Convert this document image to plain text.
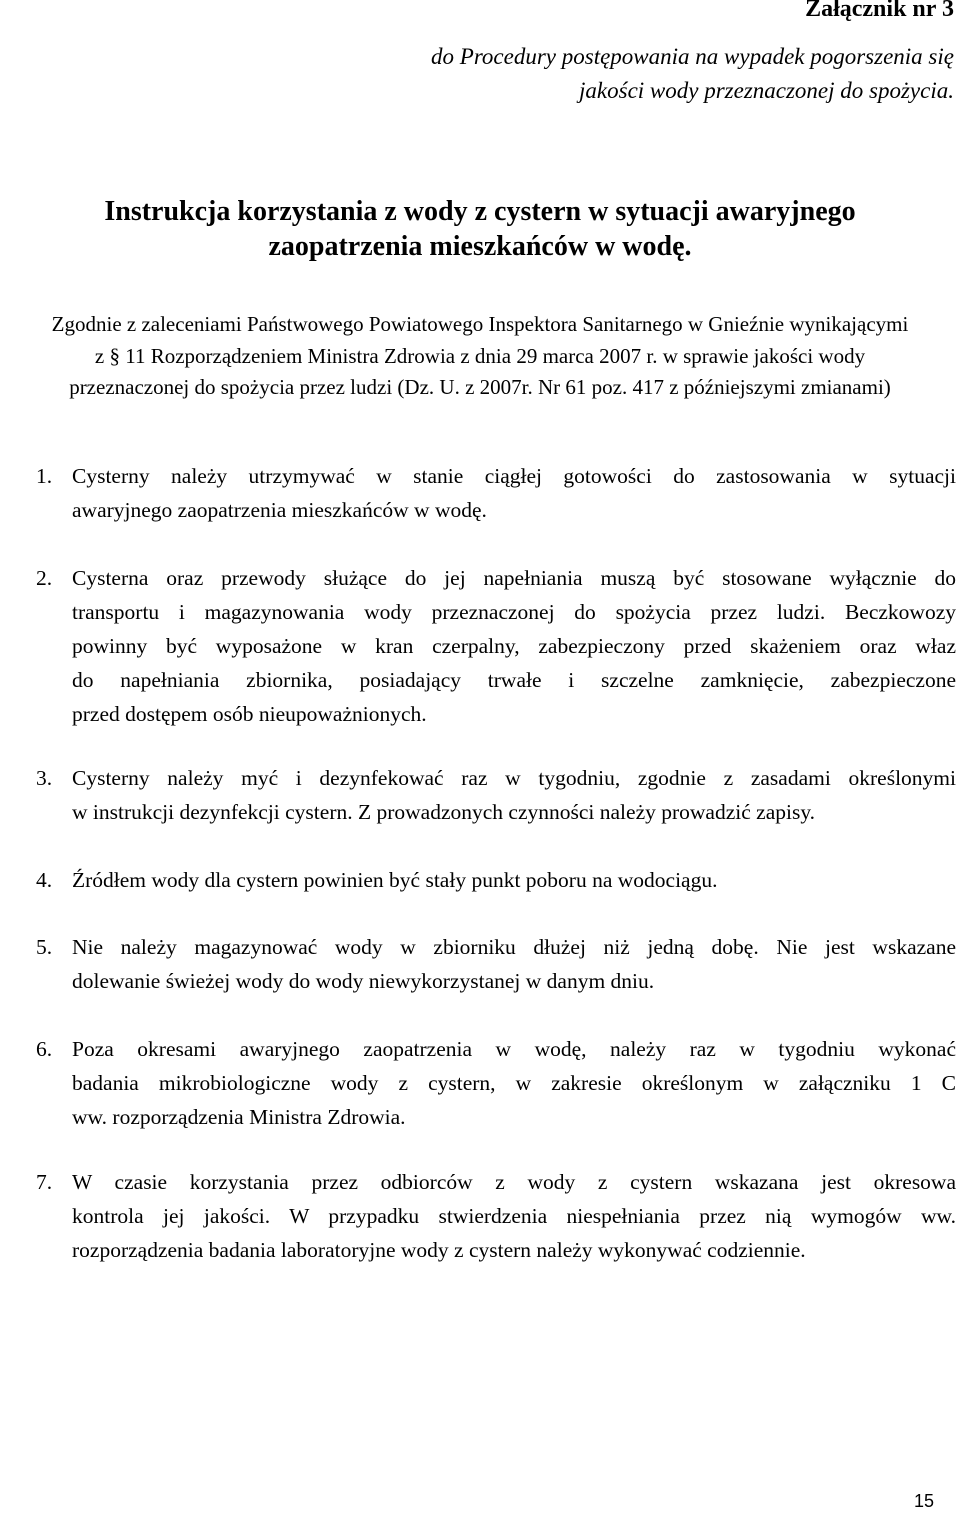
Załącznik nr 3
do Procedury postępowania na wypadek pogorszenia się
jakości wody przeznaczonej do spożycia.
Instrukcja korzystania z wody z cystern w sytuacji awaryjnego
zaopatrzenia mieszkańców w wodę.
Zgodnie z zaleceniami Państwowego Powiatowego Inspektora Sanitarnego w Gnieźnie wynikającymi
z § 11 Rozporządzeniem Ministra Zdrowia z dnia 29 marca 2007 r. w sprawie jakości wody
przeznaczonej do spożycia przez ludzi (Dz. U. z 2007r. Nr 61 poz. 417 z późniejszymi zmianami)
1. Cysterny należy utrzymywać w stanie ciągłej gotowości do zastosowania w sytuacji
awaryjnego zaopatrzenia mieszkańców w wodę.
2. Cysterna oraz przewody służące do jej napełniania muszą być stosowane wyłącznie do
transportu i magazynowania wody przeznaczonej do spożycia przez ludzi. Beczkowozy
powinny być wyposażone w kran czerpalny, zabezpieczony przed skażeniem oraz właz
do napełniania zbiornika, posiadający trwałe i szczelne zamknięcie, zabezpieczone
przed dostępem osób nieupoważnionych.
3. Cysterny należy myć i dezynfekować raz w tygodniu, zgodnie z zasadami określonymi
w instrukcji dezynfekcji cystern. Z prowadzonych czynności należy prowadzić zapisy.
4. Źródłem wody dla cystern powinien być stały punkt poboru na wodociągu.
5. Nie należy magazynować wody w zbiorniku dłużej niż jedną dobę. Nie jest wskazane
dolewanie świeżej wody do wody niewykorzystanej w danym dniu.
6. Poza okresami awaryjnego zaopatrzenia w wodę, należy raz w tygodniu wykonać
badania mikrobiologiczne wody z cystern, w zakresie określonym w załączniku 1 C
ww. rozporządzenia Ministra Zdrowia.
7. W czasie korzystania przez odbiorców z wody z cystern wskazana jest okresowa
kontrola jej jakości. W przypadku stwierdzenia niespełniania przez nią wymogów ww.
rozporządzenia badania laboratoryjne wody z cystern należy wykonywać codziennie.
15
